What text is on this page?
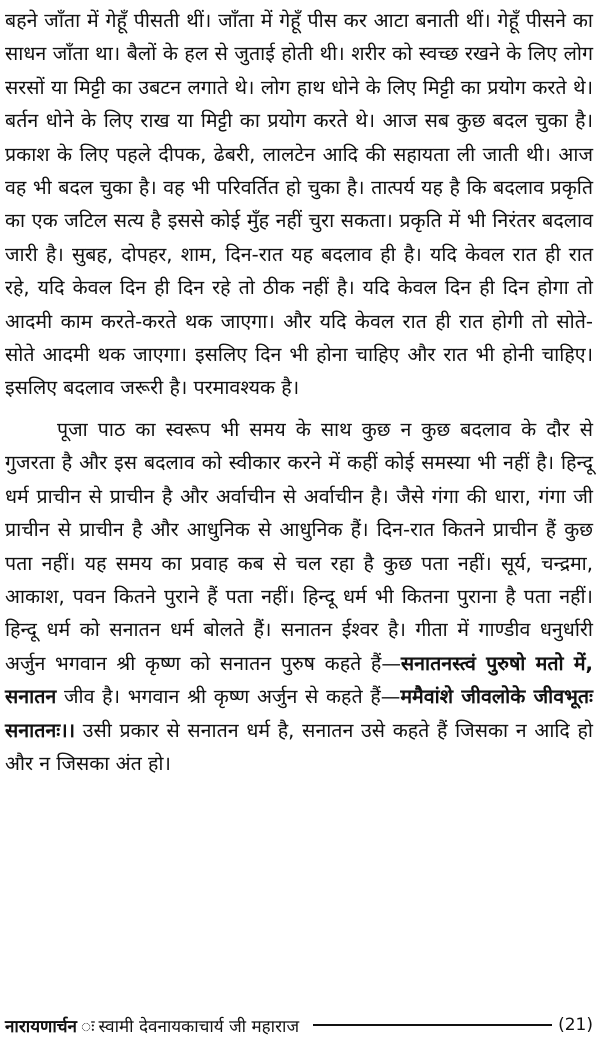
बहने जाँता में गेहूँ पीसती थीं। जाँता में गेहूँ पीस कर आटा बनाती थीं। गेहूँ पीसने का साधन जाँता था। बैलों के हल से जुताई होती थी। शरीर को स्वच्छ रखने के लिए लोग सरसों या मिट्टी का उबटन लगाते थे। लोग हाथ धोने के लिए मिट्टी का प्रयोग करते थे। बर्तन धोने के लिए राख या मिट्टी का प्रयोग करते थे। आज सब कुछ बदल चुका है। प्रकाश के लिए पहले दीपक, ढेबरी, लालटेन आदि की सहायता ली जाती थी। आज वह भी बदल चुका है। वह भी परिवर्तित हो चुका है। तात्पर्य यह है कि बदलाव प्रकृति का एक जटिल सत्य है इससे कोई मुँह नहीं चुरा सकता। प्रकृति में भी निरंतर बदलाव जारी है। सुबह, दोपहर, शाम, दिन-रात यह बदलाव ही है। यदि केवल रात ही रात रहे, यदि केवल दिन ही दिन रहे तो ठीक नहीं है। यदि केवल दिन ही दिन होगा तो आदमी काम करते-करते थक जाएगा। और यदि केवल रात ही रात होगी तो सोते-सोते आदमी थक जाएगा। इसलिए दिन भी होना चाहिए और रात भी होनी चाहिए। इसलिए बदलाव जरूरी है। परमावश्यक है।

पूजा पाठ का स्वरूप भी समय के साथ कुछ न कुछ बदलाव के दौर से गुजरता है और इस बदलाव को स्वीकार करने में कहीं कोई समस्या भी नहीं है। हिन्दू धर्म प्राचीन से प्राचीन है और अर्वाचीन से अर्वाचीन है। जैसे गंगा की धारा, गंगा जी प्राचीन से प्राचीन है और आधुनिक से आधुनिक हैं। दिन-रात कितने प्राचीन हैं कुछ पता नहीं। यह समय का प्रवाह कब से चल रहा है कुछ पता नहीं। सूर्य, चन्द्रमा, आकाश, पवन कितने पुराने हैं पता नहीं। हिन्दू धर्म भी कितना पुराना है पता नहीं। हिन्दू धर्म को सनातन धर्म बोलते हैं। सनातन ईश्वर है। गीता में गाण्डीव धनुर्धारी अर्जुन भगवान श्री कृष्ण को सनातन पुरुष कहते हैं—सनातनस्त्वं पुरुषो मतो में, सनातन जीव है। भगवान श्री कृष्ण अर्जुन से कहते हैं—ममैवांशे जीवलोके जीवभूतः सनातनः।। उसी प्रकार से सनातन धर्म है, सनातन उसे कहते हैं जिसका न आदि हो और न जिसका अंत हो।

नारायणार्चन ः स्वामी देवनायकाचार्य जी महाराज	(21)
